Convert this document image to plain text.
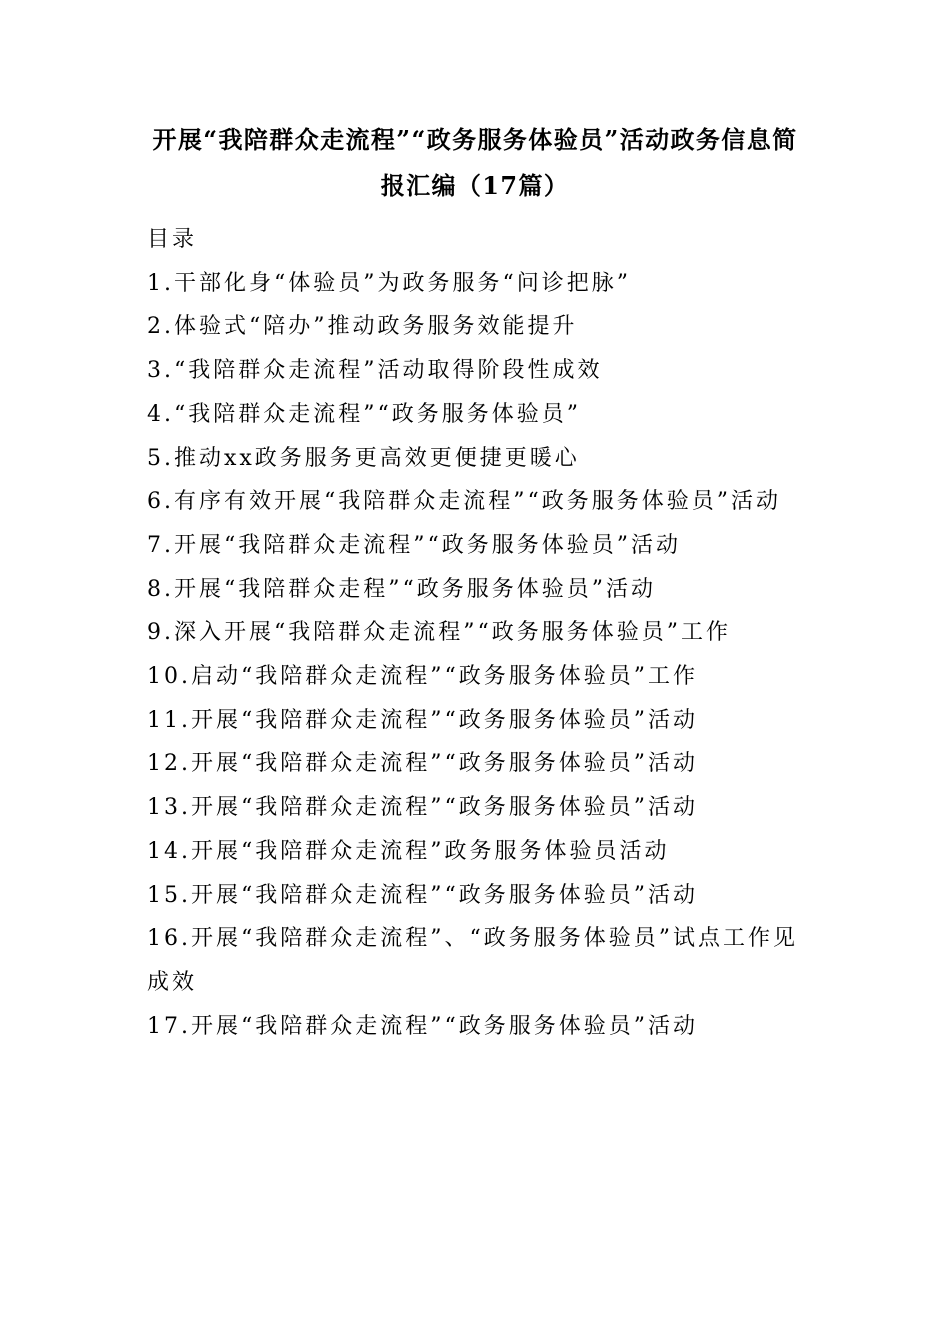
开展“我陪群众走流程”“政务服务体验员”活动政务信息简报汇编（17篇）

目录

1.干部化身“体验员”为政务服务“问诊把脉”

2.体验式“陪办”推动政务服务效能提升

3.“我陪群众走流程”活动取得阶段性成效

4.“我陪群众走流程”“政务服务体验员”

5.推动xx政务服务更高效更便捷更暖心

6.有序有效开展“我陪群众走流程”“政务服务体验员”活动

7.开展“我陪群众走流程”“政务服务体验员”活动

8.开展“我陪群众走程”“政务服务体验员”活动

9.深入开展“我陪群众走流程”“政务服务体验员”工作

10.启动“我陪群众走流程”“政务服务体验员”工作

11.开展“我陪群众走流程”“政务服务体验员”活动

12.开展“我陪群众走流程”“政务服务体验员”活动

13.开展“我陪群众走流程”“政务服务体验员”活动

14.开展“我陪群众走流程”政务服务体验员活动

15.开展“我陪群众走流程”“政务服务体验员”活动

16.开展“我陪群众走流程”、“政务服务体验员”试点工作见成效

17.开展“我陪群众走流程”“政务服务体验员”活动
